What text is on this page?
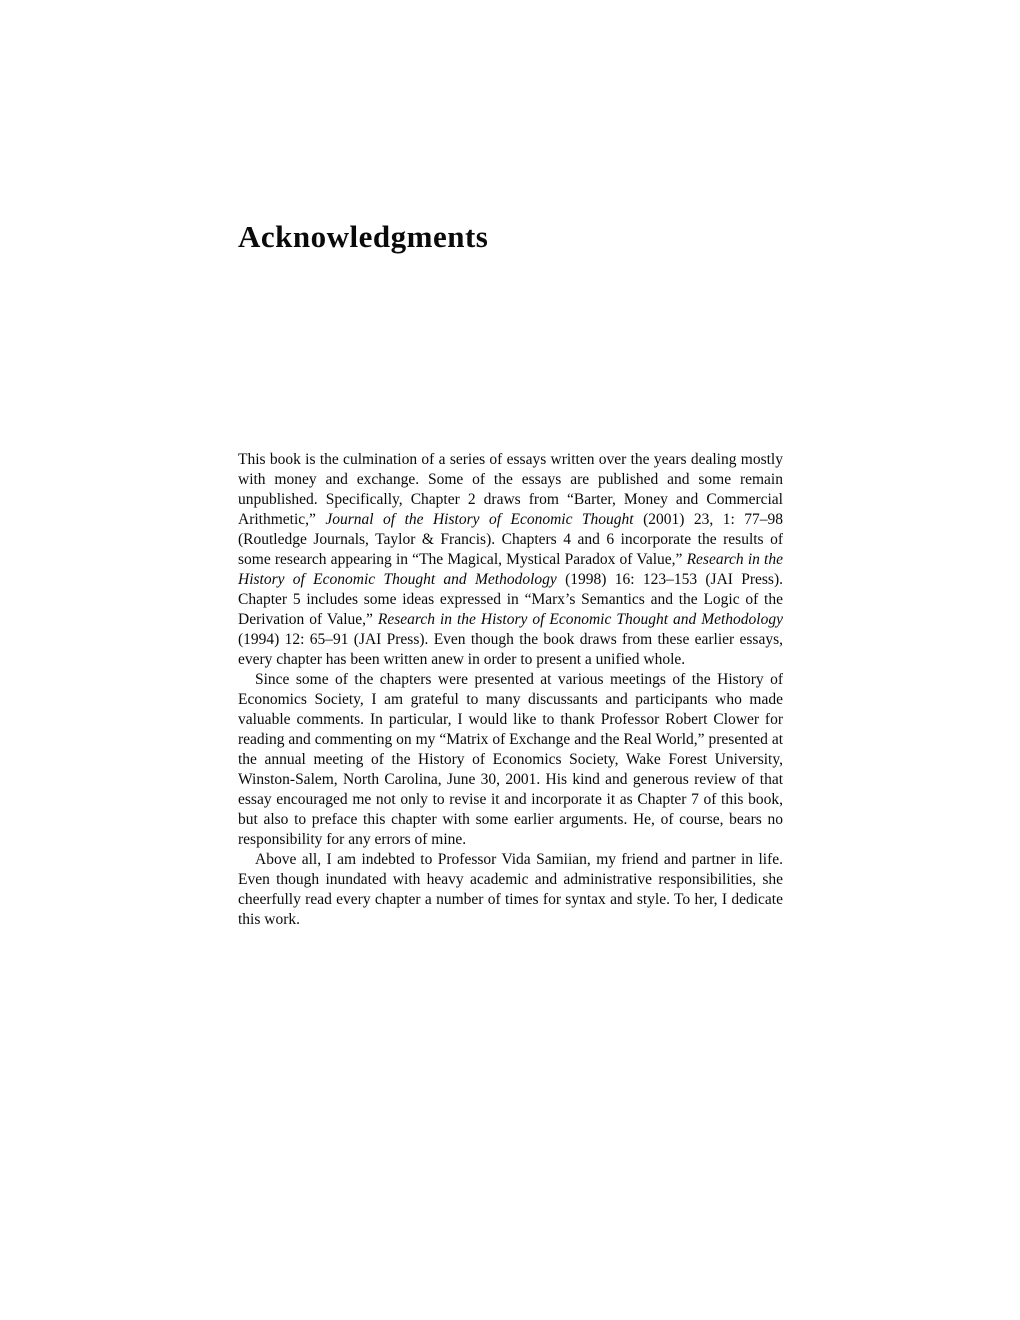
Acknowledgments

This book is the culmination of a series of essays written over the years dealing mostly with money and exchange. Some of the essays are published and some remain unpublished. Specifically, Chapter 2 draws from “Barter, Money and Commercial Arithmetic,” Journal of the History of Economic Thought (2001) 23, 1: 77–98 (Routledge Journals, Taylor & Francis). Chapters 4 and 6 incorporate the results of some research appearing in “The Magical, Mystical Paradox of Value,” Research in the History of Economic Thought and Methodology (1998) 16: 123–153 (JAI Press). Chapter 5 includes some ideas expressed in “Marx’s Semantics and the Logic of the Derivation of Value,” Research in the History of Economic Thought and Methodology (1994) 12: 65–91 (JAI Press). Even though the book draws from these earlier essays, every chapter has been written anew in order to present a unified whole.

Since some of the chapters were presented at various meetings of the History of Economics Society, I am grateful to many discussants and participants who made valuable comments. In particular, I would like to thank Professor Robert Clower for reading and commenting on my “Matrix of Exchange and the Real World,” presented at the annual meeting of the History of Economics Society, Wake Forest University, Winston-Salem, North Carolina, June 30, 2001. His kind and generous review of that essay encouraged me not only to revise it and incorporate it as Chapter 7 of this book, but also to preface this chapter with some earlier arguments. He, of course, bears no responsibility for any errors of mine.

Above all, I am indebted to Professor Vida Samiian, my friend and partner in life. Even though inundated with heavy academic and administrative responsibilities, she cheerfully read every chapter a number of times for syntax and style. To her, I dedicate this work.
